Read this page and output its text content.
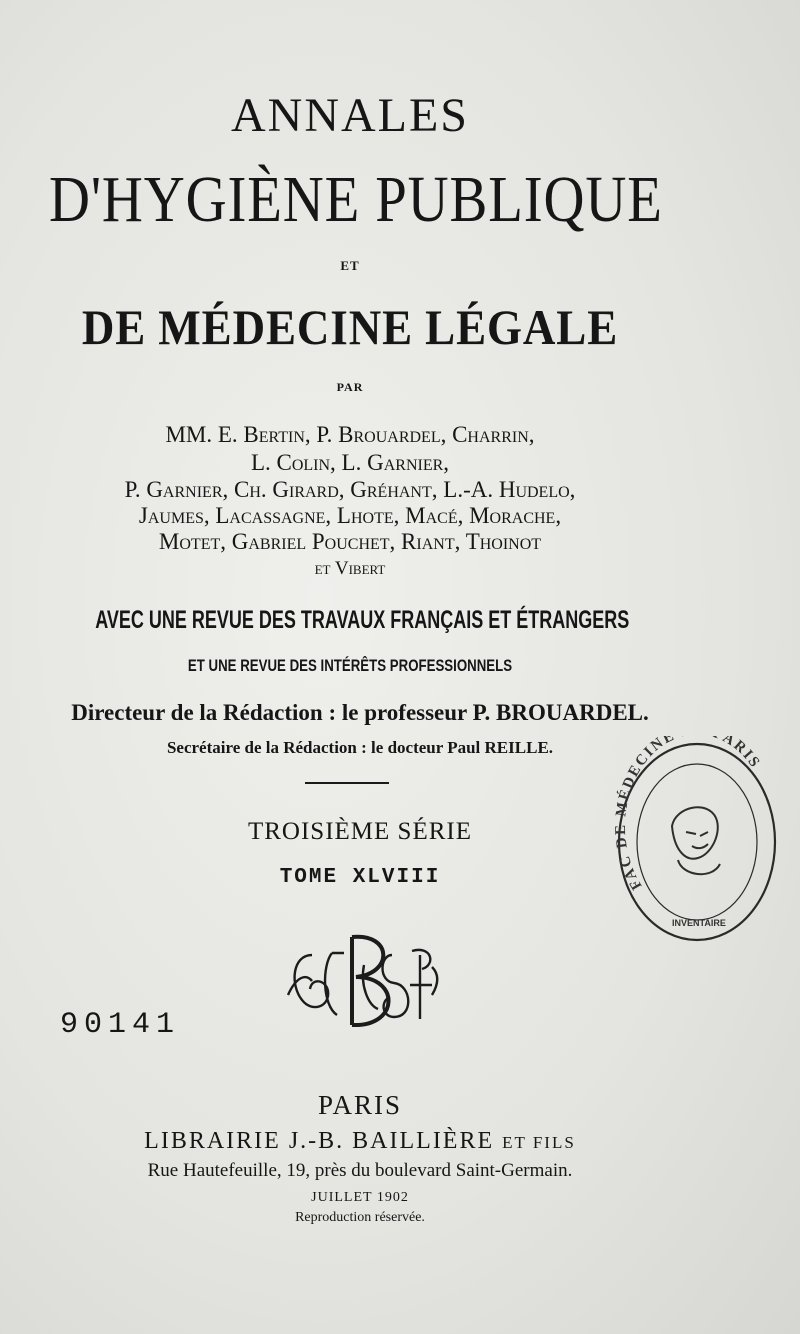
ANNALES
D'HYGIÈNE PUBLIQUE
ET
DE MÉDECINE LÉGALE
PAR
MM. E. Bertin, P. Brouardel, Charrin,
L. Colin, L. Garnier,
P. Garnier, Ch. Girard, Gréhant, L.-A. Hudelo,
Jaumes, Lacassagne, Lhote, Macé, Morache,
Motet, Gabriel Pouchet, Riant, Thoinot
et Vibert
AVEC UNE REVUE DES TRAVAUX FRANÇAIS ET ÉTRANGERS
ET UNE REVUE DES INTÉRÊTS PROFESSIONNELS
Directeur de la Rédaction : le professeur P. BROUARDEL.
Secrétaire de la Rédaction : le docteur Paul REILLE.
TROISIÈME SÉRIE
TOME XLVIII
90141
PARIS
LIBRAIRIE J.-B. BAILLIÈRE ET FILS
Rue Hautefeuille, 19, près du boulevard Saint-Germain.
JUILLET 1902
Reproduction réservée.
FAC DE MÉDECINE ARIS
INVENTAIRE
